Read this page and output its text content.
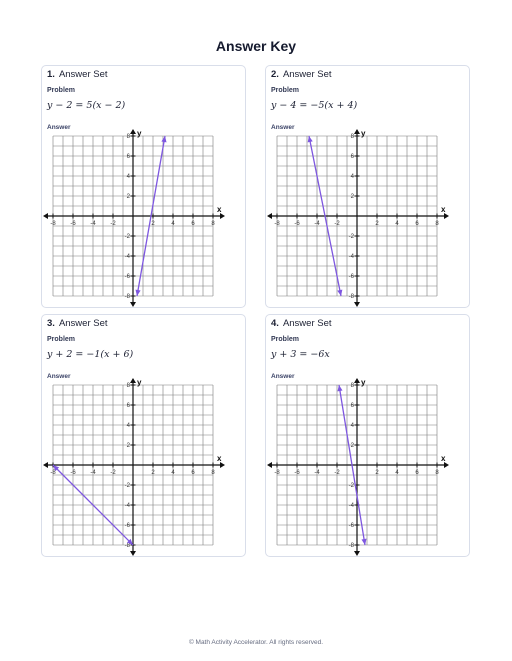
Answer Key
1. Answer Set
Problem
y − 2 = 5(x − 2)
Answer
x
y
-8
-8
-6
-6
-4
-4
-2
-2
2
2
4
4
6
6
8
8
2. Answer Set
Problem
y − 4 = −5(x + 4)
Answer
x
y
-8
-8
-6
-6
-4
-4
-2
-2
2
2
4
4
6
6
8
8
3. Answer Set
Problem
y + 2 = −1(x + 6)
Answer
x
y
-8
-8
-6
-6
-4
-4
-2
-2
2
2
4
4
6
6
8
8
4. Answer Set
Problem
y + 3 = −6x
Answer
x
y
-8
-8
-6
-6
-4
-4
-2
-2
2
2
4
4
6
6
8
8
© Math Activity Accelerator. All rights reserved.
